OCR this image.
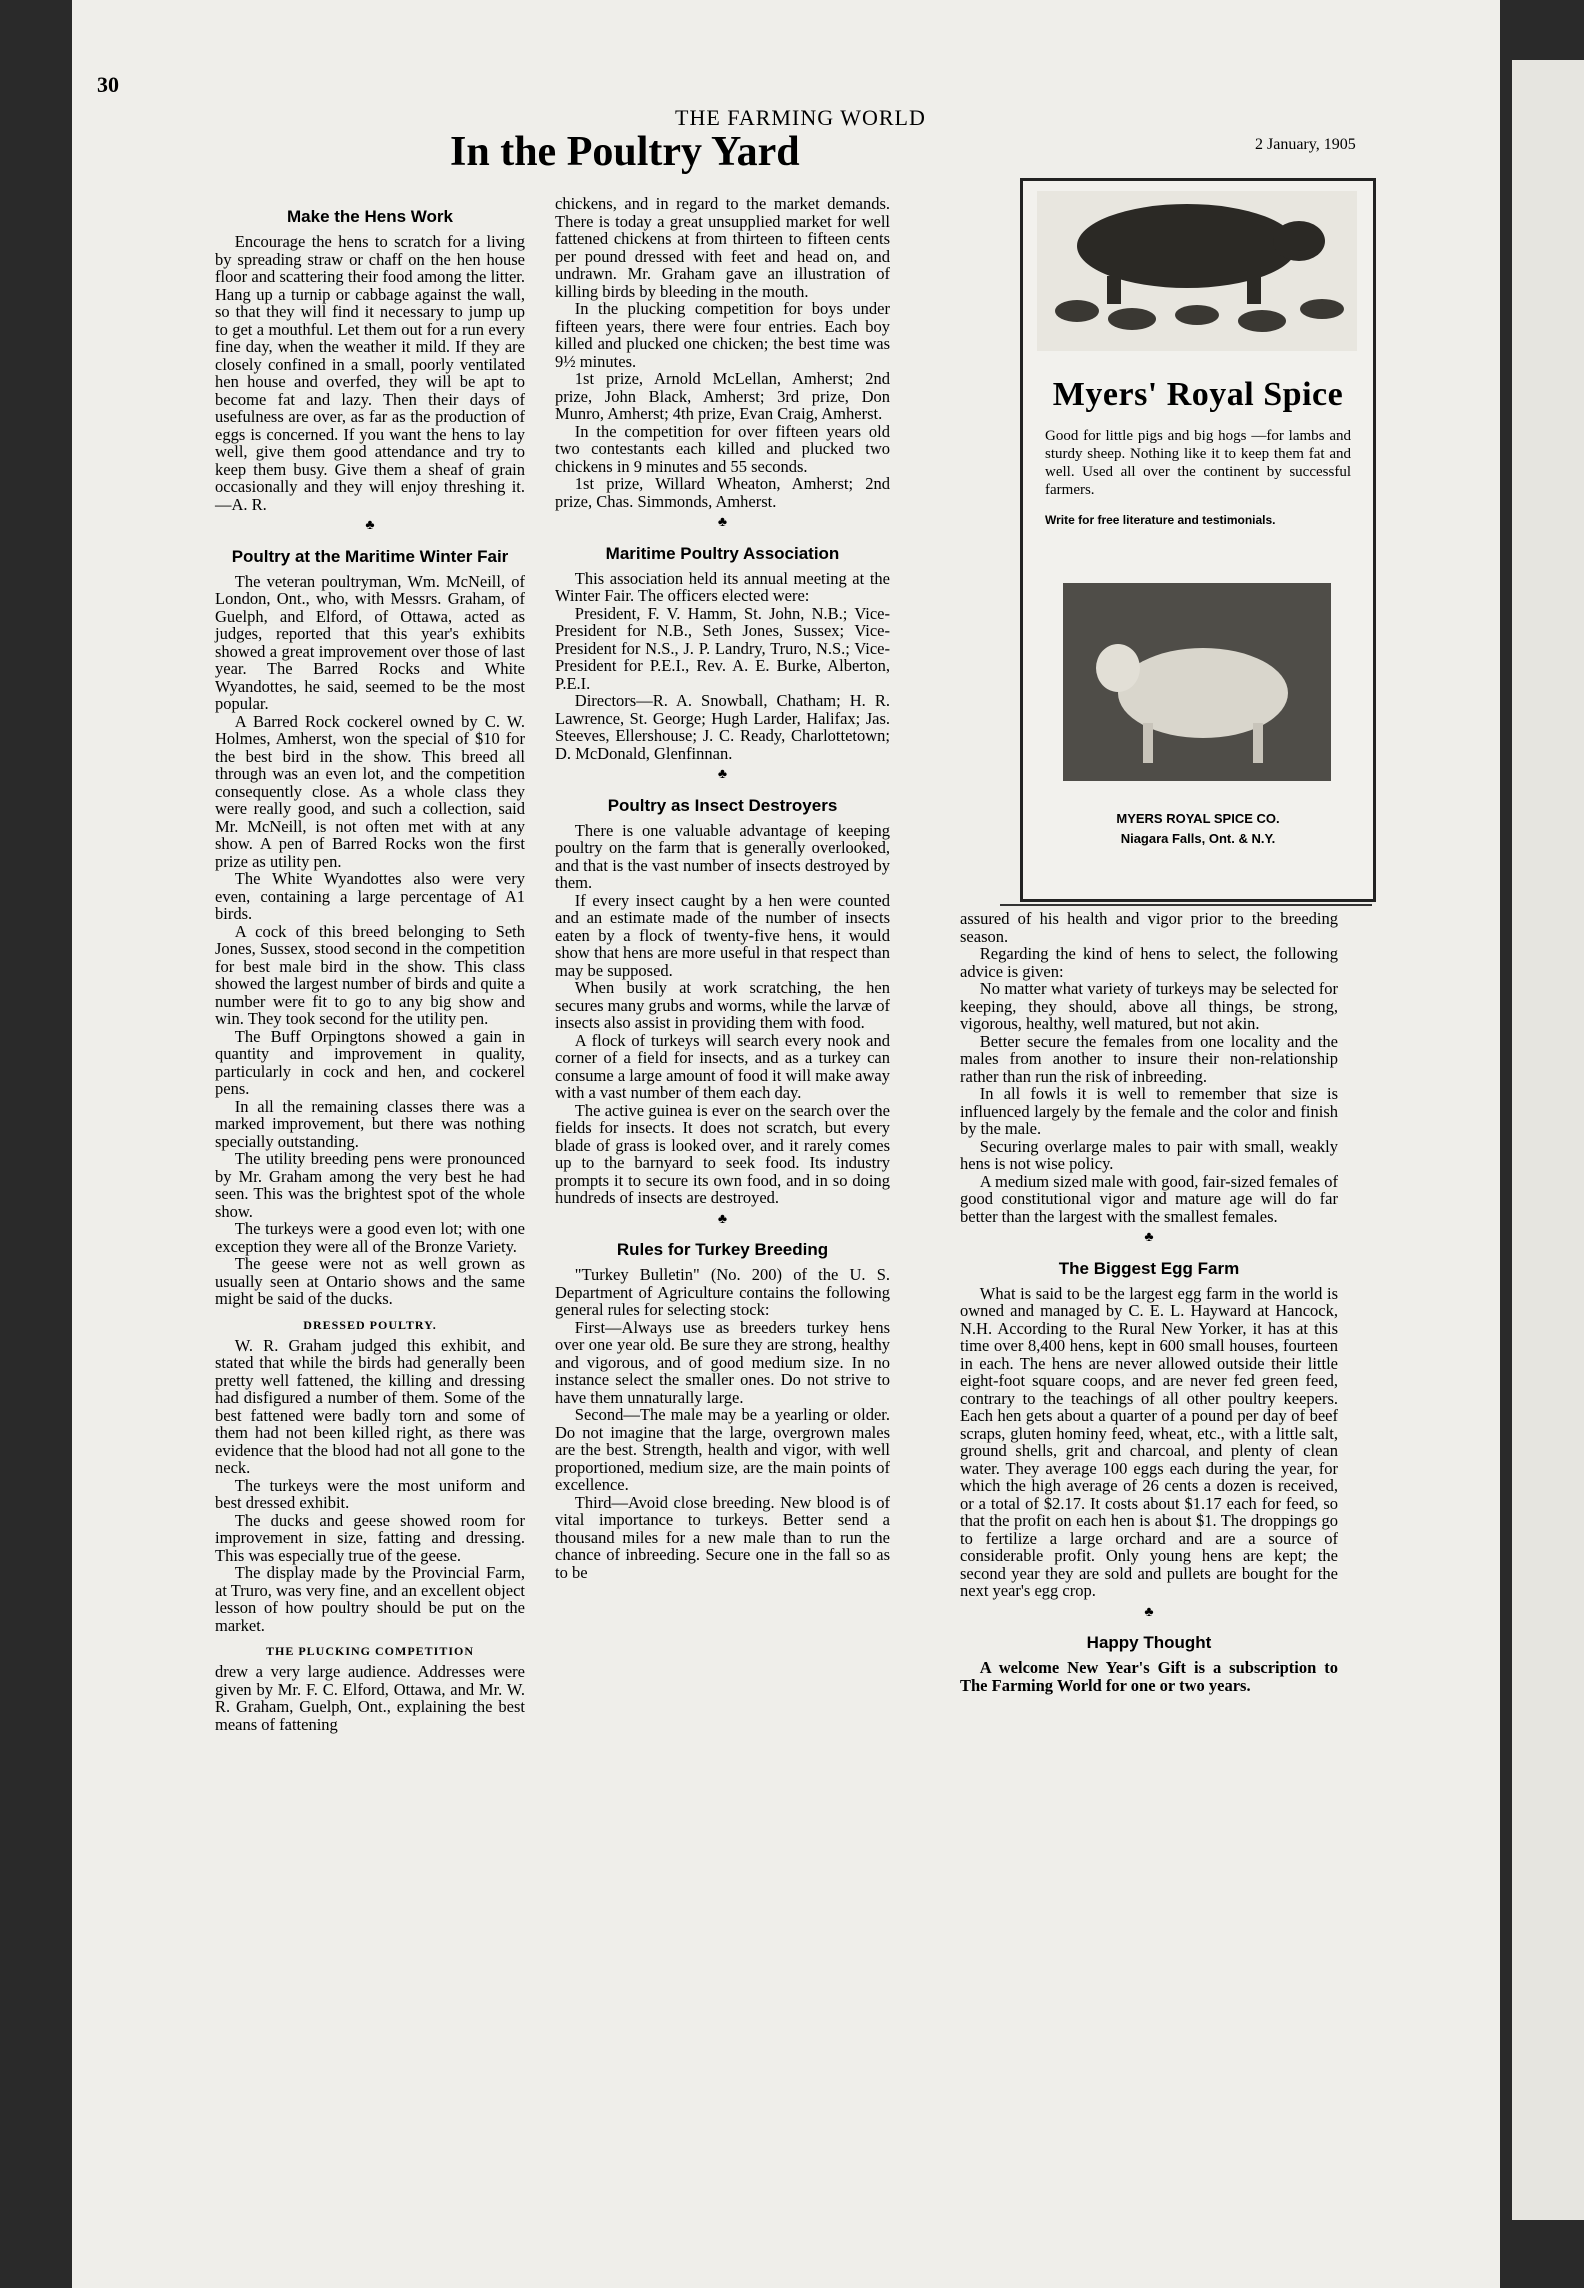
30
THE FARMING WORLD
2 January, 1905
In the Poultry Yard
Make the Hens Work

Encourage the hens to scratch for a living by spreading straw or chaff on the hen house floor and scattering their food among the litter. Hang up a turnip or cabbage against the wall, so that they will find it necessary to jump up to get a mouthful. Let them out for a run every fine day, when the weather it mild. If they are closely confined in a small, poorly ventilated hen house and overfed, they will be apt to become fat and lazy. Then their days of usefulness are over, as far as the production of eggs is concerned. If you want the hens to lay well, give them good attendance and try to keep them busy. Give them a sheaf of grain occasionally and they will enjoy threshing it.—A. R.

♣
Poultry at the Maritime Winter Fair

The veteran poultryman, Wm. McNeill, of London, Ont., who, with Messrs. Graham, of Guelph, and Elford, of Ottawa, acted as judges, reported that this year's exhibits showed a great improvement over those of last year. The Barred Rocks and White Wyandottes, he said, seemed to be the most popular.

A Barred Rock cockerel owned by C. W. Holmes, Amherst, won the special of $10 for the best bird in the show. This breed all through was an even lot, and the competition consequently close. As a whole class they were really good, and such a collection, said Mr. McNeill, is not often met with at any show. A pen of Barred Rocks won the first prize as utility pen.

The White Wyandottes also were very even, containing a large percentage of A1 birds.

A cock of this breed belonging to Seth Jones, Sussex, stood second in the competition for best male bird in the show. This class showed the largest number of birds and quite a number were fit to go to any big show and win. They took second for the utility pen.

The Buff Orpingtons showed a gain in quantity and improvement in quality, particularly in cock and hen, and cockerel pens.

In all the remaining classes there was a marked improvement, but there was nothing specially outstanding.

The utility breeding pens were pronounced by Mr. Graham among the very best he had seen. This was the brightest spot of the whole show.

The turkeys were a good even lot; with one exception they were all of the Bronze Variety.

The geese were not as well grown as usually seen at Ontario shows and the same might be said of the ducks.

DRESSED POULTRY.

W. R. Graham judged this exhibit, and stated that while the birds had generally been pretty well fattened, the killing and dressing had disfigured a number of them. Some of the best fattened were badly torn and some of them had not been killed right, as there was evidence that the blood had not all gone to the neck.

The turkeys were the most uniform and best dressed exhibit.

The ducks and geese showed room for improvement in size, fatting and dressing. This was especially true of the geese.

The display made by the Provincial Farm, at Truro, was very fine, and an excellent object lesson of how poultry should be put on the market.

THE PLUCKING COMPETITION

drew a very large audience. Addresses were given by Mr. F. C. Elford, Ottawa, and Mr. W. R. Graham, Guelph, Ont., explaining the best means of fattening

chickens, and in regard to the market demands. There is today a great unsupplied market for well fattened chickens at from thirteen to fifteen cents per pound dressed with feet and head on, and undrawn. Mr. Graham gave an illustration of killing birds by bleeding in the mouth.

In the plucking competition for boys under fifteen years, there were four entries. Each boy killed and plucked one chicken; the best time was 9½ minutes.

1st prize, Arnold McLellan, Amherst; 2nd prize, John Black, Amherst; 3rd prize, Don Munro, Amherst; 4th prize, Evan Craig, Amherst.

In the competition for over fifteen years old two contestants each killed and plucked two chickens in 9 minutes and 55 seconds.

1st prize, Willard Wheaton, Amherst; 2nd prize, Chas. Simmonds, Amherst.

♣
Maritime Poultry Association

This association held its annual meeting at the Winter Fair. The officers elected were:

President, F. V. Hamm, St. John, N.B.; Vice-President for N.B., Seth Jones, Sussex; Vice-President for N.S., J. P. Landry, Truro, N.S.; Vice-President for P.E.I., Rev. A. E. Burke, Alberton, P.E.I.

Directors—R. A. Snowball, Chatham; H. R. Lawrence, St. George; Hugh Larder, Halifax; Jas. Steeves, Ellershouse; J. C. Ready, Charlottetown; D. McDonald, Glenfinnan.

♣
Poultry as Insect Destroyers

There is one valuable advantage of keeping poultry on the farm that is generally overlooked, and that is the vast number of insects destroyed by them.

If every insect caught by a hen were counted and an estimate made of the number of insects eaten by a flock of twenty-five hens, it would show that hens are more useful in that respect than may be supposed.

When busily at work scratching, the hen secures many grubs and worms, while the larvæ of insects also assist in providing them with food.

A flock of turkeys will search every nook and corner of a field for insects, and as a turkey can consume a large amount of food it will make away with a vast number of them each day.

The active guinea is ever on the search over the fields for insects. It does not scratch, but every blade of grass is looked over, and it rarely comes up to the barnyard to seek food. Its industry prompts it to secure its own food, and in so doing hundreds of insects are destroyed.

♣
Rules for Turkey Breeding

"Turkey Bulletin" (No. 200) of the U. S. Department of Agriculture contains the following general rules for selecting stock:

First—Always use as breeders turkey hens over one year old. Be sure they are strong, healthy and vigorous, and of good medium size. In no instance select the smaller ones. Do not strive to have them unnaturally large.

Second—The male may be a yearling or older. Do not imagine that the large, overgrown males are the best. Strength, health and vigor, with well proportioned, medium size, are the main points of excellence.

Third—Avoid close breeding. New blood is of vital importance to turkeys. Better send a thousand miles for a new male than to run the chance of inbreeding. Secure one in the fall so as to be

Myers' Royal Spice
Good for little pigs and big hogs —for lambs and sturdy sheep. Nothing like it to keep them fat and well. Used all over the continent by successful farmers.
Write for free literature and testimonials.
MYERS ROYAL SPICE CO.
Niagara Falls, Ont. & N.Y.

assured of his health and vigor prior to the breeding season.

Regarding the kind of hens to select, the following advice is given:

No matter what variety of turkeys may be selected for keeping, they should, above all things, be strong, vigorous, healthy, well matured, but not akin.

Better secure the females from one locality and the males from another to insure their non-relationship rather than run the risk of inbreeding.

In all fowls it is well to remember that size is influenced largely by the female and the color and finish by the male.

Securing overlarge males to pair with small, weakly hens is not wise policy.

A medium sized male with good, fair-sized females of good constitutional vigor and mature age will do far better than the largest with the smallest females.

♣
The Biggest Egg Farm

What is said to be the largest egg farm in the world is owned and managed by C. E. L. Hayward at Hancock, N.H. According to the Rural New Yorker, it has at this time over 8,400 hens, kept in 600 small houses, fourteen in each. The hens are never allowed outside their little eight-foot square coops, and are never fed green feed, contrary to the teachings of all other poultry keepers. Each hen gets about a quarter of a pound per day of beef scraps, gluten hominy feed, wheat, etc., with a little salt, ground shells, grit and charcoal, and plenty of clean water. They average 100 eggs each during the year, for which the high average of 26 cents a dozen is received, or a total of $2.17. It costs about $1.17 each for feed, so that the profit on each hen is about $1. The droppings go to fertilize a large orchard and are a source of considerable profit. Only young hens are kept; the second year they are sold and pullets are bought for the next year's egg crop.

♣
Happy Thought

A welcome New Year's Gift is a subscription to The Farming World for one or two years.
